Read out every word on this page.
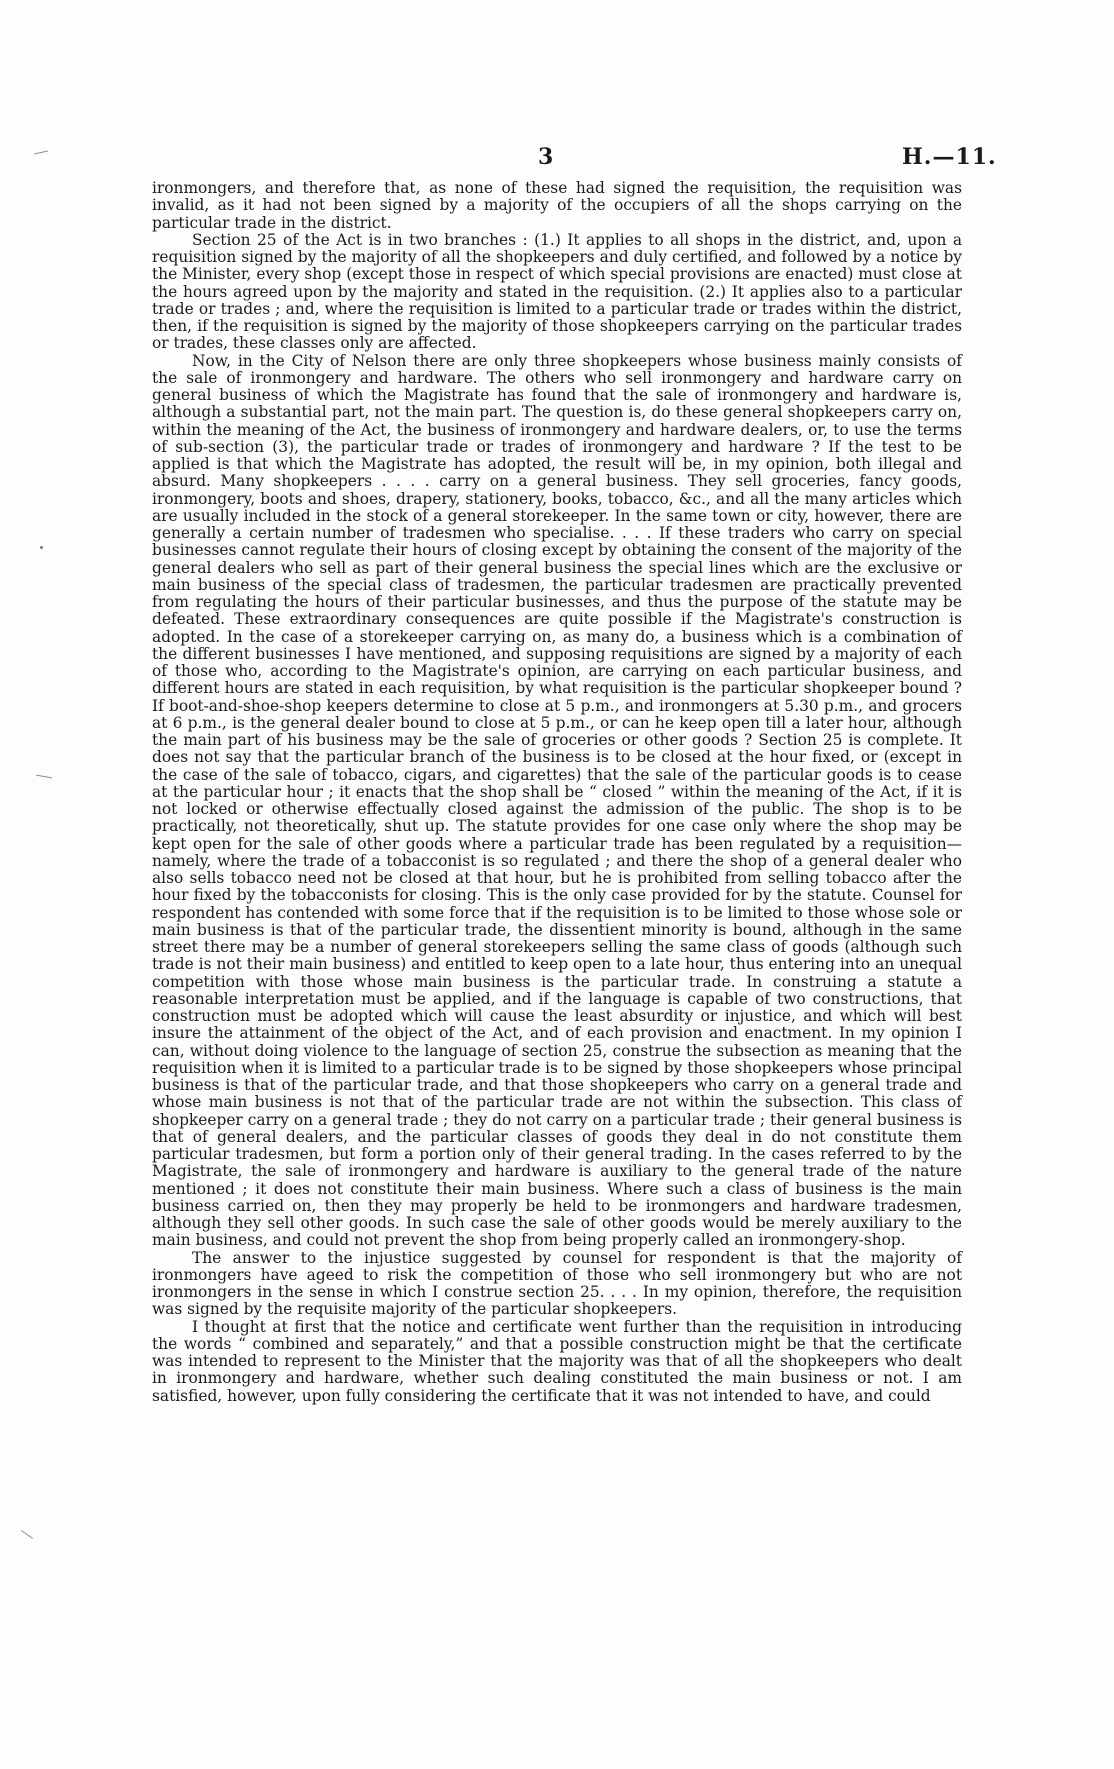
3	H.—11.

ironmongers, and therefore that, as none of these had signed the requisition, the requisition was invalid, as it had not been signed by a majority of the occupiers of all the shops carrying on the particular trade in the district.

Section 25 of the Act is in two branches : (1.) It applies to all shops in the district, and, upon a requisition signed by the majority of all the shopkeepers and duly certified, and followed by a notice by the Minister, every shop (except those in respect of which special provisions are enacted) must close at the hours agreed upon by the majority and stated in the requisition. (2.) It applies also to a particular trade or trades ; and, where the requisition is limited to a particular trade or trades within the district, then, if the requisition is signed by the majority of those shopkeepers carrying on the particular trades or trades, these classes only are affected.

Now, in the City of Nelson there are only three shopkeepers whose business mainly consists of the sale of ironmongery and hardware. The others who sell ironmongery and hardware carry on general business of which the Magistrate has found that the sale of ironmongery and hardware is, although a substantial part, not the main part. The question is, do these general shopkeepers carry on, within the meaning of the Act, the business of ironmongery and hardware dealers, or, to use the terms of sub-section (3), the particular trade or trades of ironmongery and hardware ? If the test to be applied is that which the Magistrate has adopted, the result will be, in my opinion, both illegal and absurd. Many shopkeepers . . . . carry on a general business. They sell groceries, fancy goods, ironmongery, boots and shoes, drapery, stationery, books, tobacco, &c., and all the many articles which are usually included in the stock of a general storekeeper. In the same town or city, however, there are generally a certain number of tradesmen who specialise. . . . If these traders who carry on special businesses cannot regulate their hours of closing except by obtaining the consent of the majority of the general dealers who sell as part of their general business the special lines which are the exclusive or main business of the special class of tradesmen, the particular tradesmen are practically prevented from regulating the hours of their particular businesses, and thus the purpose of the statute may be defeated. These extraordinary consequences are quite possible if the Magistrate's construction is adopted. In the case of a storekeeper carrying on, as many do, a business which is a combination of the different businesses I have mentioned, and supposing requisitions are signed by a majority of each of those who, according to the Magistrate's opinion, are carrying on each particular business, and different hours are stated in each requisition, by what requisition is the particular shopkeeper bound ? If boot-and-shoe-shop keepers determine to close at 5 p.m., and ironmongers at 5.30 p.m., and grocers at 6 p.m., is the general dealer bound to close at 5 p.m., or can he keep open till a later hour, although the main part of his business may be the sale of groceries or other goods ? Section 25 is complete. It does not say that the particular branch of the business is to be closed at the hour fixed, or (except in the case of the sale of tobacco, cigars, and cigarettes) that the sale of the particular goods is to cease at the particular hour ; it enacts that the shop shall be “ closed ” within the meaning of the Act, if it is not locked or otherwise effectually closed against the admission of the public. The shop is to be practically, not theoretically, shut up. The statute provides for one case only where the shop may be kept open for the sale of other goods where a particular trade has been regulated by a requisition—namely, where the trade of a tobacconist is so regulated ; and there the shop of a general dealer who also sells tobacco need not be closed at that hour, but he is prohibited from selling tobacco after the hour fixed by the tobacconists for closing. This is the only case provided for by the statute. Counsel for respondent has contended with some force that if the requisition is to be limited to those whose sole or main business is that of the particular trade, the dissentient minority is bound, although in the same street there may be a number of general storekeepers selling the same class of goods (although such trade is not their main business) and entitled to keep open to a late hour, thus entering into an unequal competition with those whose main business is the particular trade. In construing a statute a reasonable interpretation must be applied, and if the language is capable of two constructions, that construction must be adopted which will cause the least absurdity or injustice, and which will best insure the attainment of the object of the Act, and of each provision and enactment. In my opinion I can, without doing violence to the language of section 25, construe the subsection as meaning that the requisition when it is limited to a particular trade is to be signed by those shopkeepers whose principal business is that of the particular trade, and that those shopkeepers who carry on a general trade and whose main business is not that of the particular trade are not within the subsection. This class of shopkeeper carry on a general trade ; they do not carry on a particular trade ; their general business is that of general dealers, and the particular classes of goods they deal in do not constitute them particular tradesmen, but form a portion only of their general trading. In the cases referred to by the Magistrate, the sale of ironmongery and hardware is auxiliary to the general trade of the nature mentioned ; it does not constitute their main business. Where such a class of business is the main business carried on, then they may properly be held to be ironmongers and hardware tradesmen, although they sell other goods. In such case the sale of other goods would be merely auxiliary to the main business, and could not prevent the shop from being properly called an ironmongery-shop.

The answer to the injustice suggested by counsel for respondent is that the majority of ironmongers have ageed to risk the competition of those who sell ironmongery but who are not ironmongers in the sense in which I construe section 25. . . . In my opinion, therefore, the requisition was signed by the requisite majority of the particular shopkeepers.

I thought at first that the notice and certificate went further than the requisition in introducing the words “ combined and separately,” and that a possible construction might be that the certificate was intended to represent to the Minister that the majority was that of all the shopkeepers who dealt in ironmongery and hardware, whether such dealing constituted the main business or not. I am satisfied, however, upon fully considering the certificate that it was not intended to have, and could
